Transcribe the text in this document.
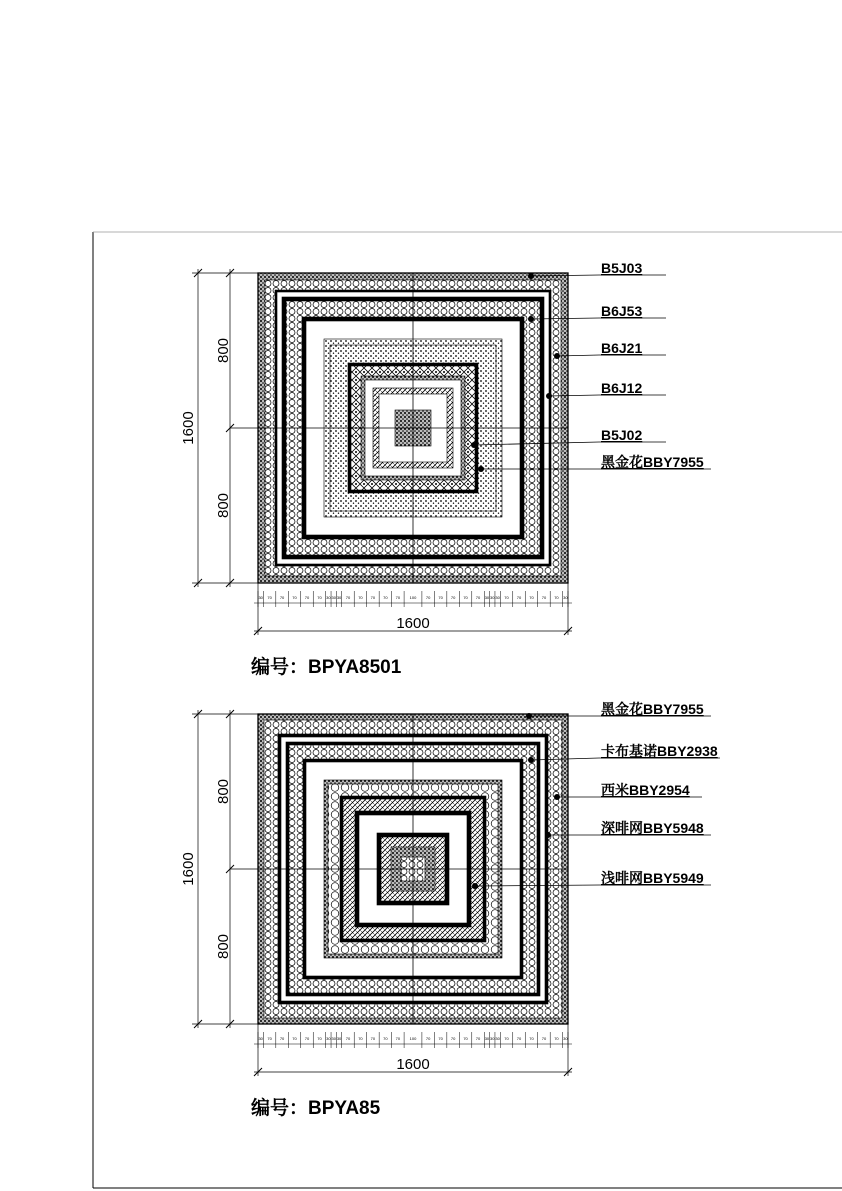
1600
800
800
30 70 70 70 70 70 30 30 30 70 70 70 70 70 100 70 70 70 70 70 30 30 30 70 70 70 70 70 30
1600
编号：BPYA8501
B5J03
B6J53
B6J21
B6J12
B5J02
黑金花BBY7955
1600
800
800
30 70 70 70 70 70 30 30 30 70 70 70 70 70 100 70 70 70 70 70 30 30 30 70 70 70 70 70 30
1600
编号：BPYA85
黑金花BBY7955
卡布基诺BBY2938
西米BBY2954
深啡网BBY5948
浅啡网BBY5949
